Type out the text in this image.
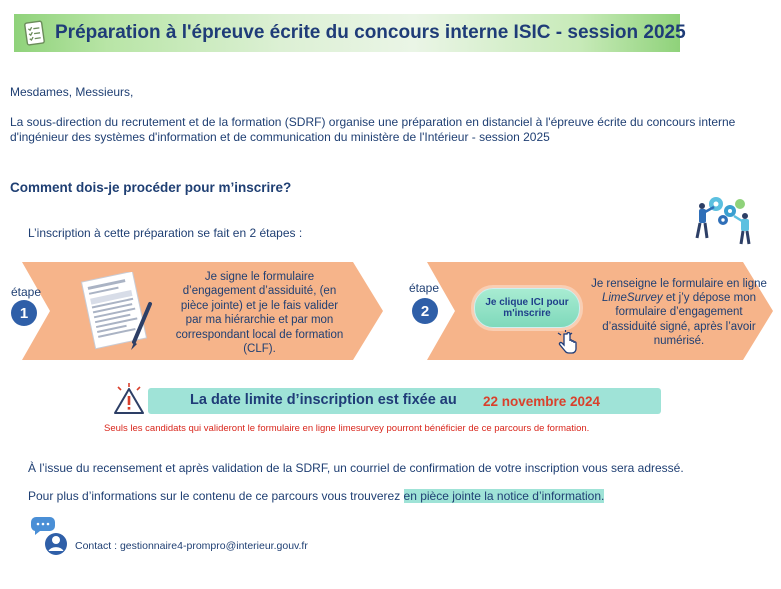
Préparation à l'épreuve écrite du concours interne ISIC - session 2025
Mesdames, Messieurs,
La sous-direction du recrutement et de la formation (SDRF) organise une préparation en distanciel à l'épreuve écrite du concours interne d'ingénieur des systèmes d'information et de communication du ministère de l'Intérieur - session 2025
Comment dois-je procéder pour m’inscrire?
L’inscription à cette préparation se fait en 2 étapes :
étape
1
Je signe le formulaire d’engagement d’assiduité, (en pièce jointe) et je le fais valider par ma hiérarchie et par mon correspondant local de formation (CLF).
étape
2	Je clique ICI pour m'inscrire
Je renseigne le formulaire en ligne LimeSurvey et j’y dépose mon formulaire d’engagement d’assiduité signé, après l’avoir numérisé.
La date limite d’inscription est fixée au 22 novembre 2024
Seuls les candidats qui valideront le formulaire en ligne limesurvey pourront bénéficier de ce parcours de formation.
À l’issue du recensement et après validation de la SDRF, un courriel de confirmation de votre inscription vous sera adressé.
Pour plus d’informations sur le contenu de ce parcours vous trouverez en pièce jointe la notice d’information.
Contact : gestionnaire4-prompro@interieur.gouv.fr
